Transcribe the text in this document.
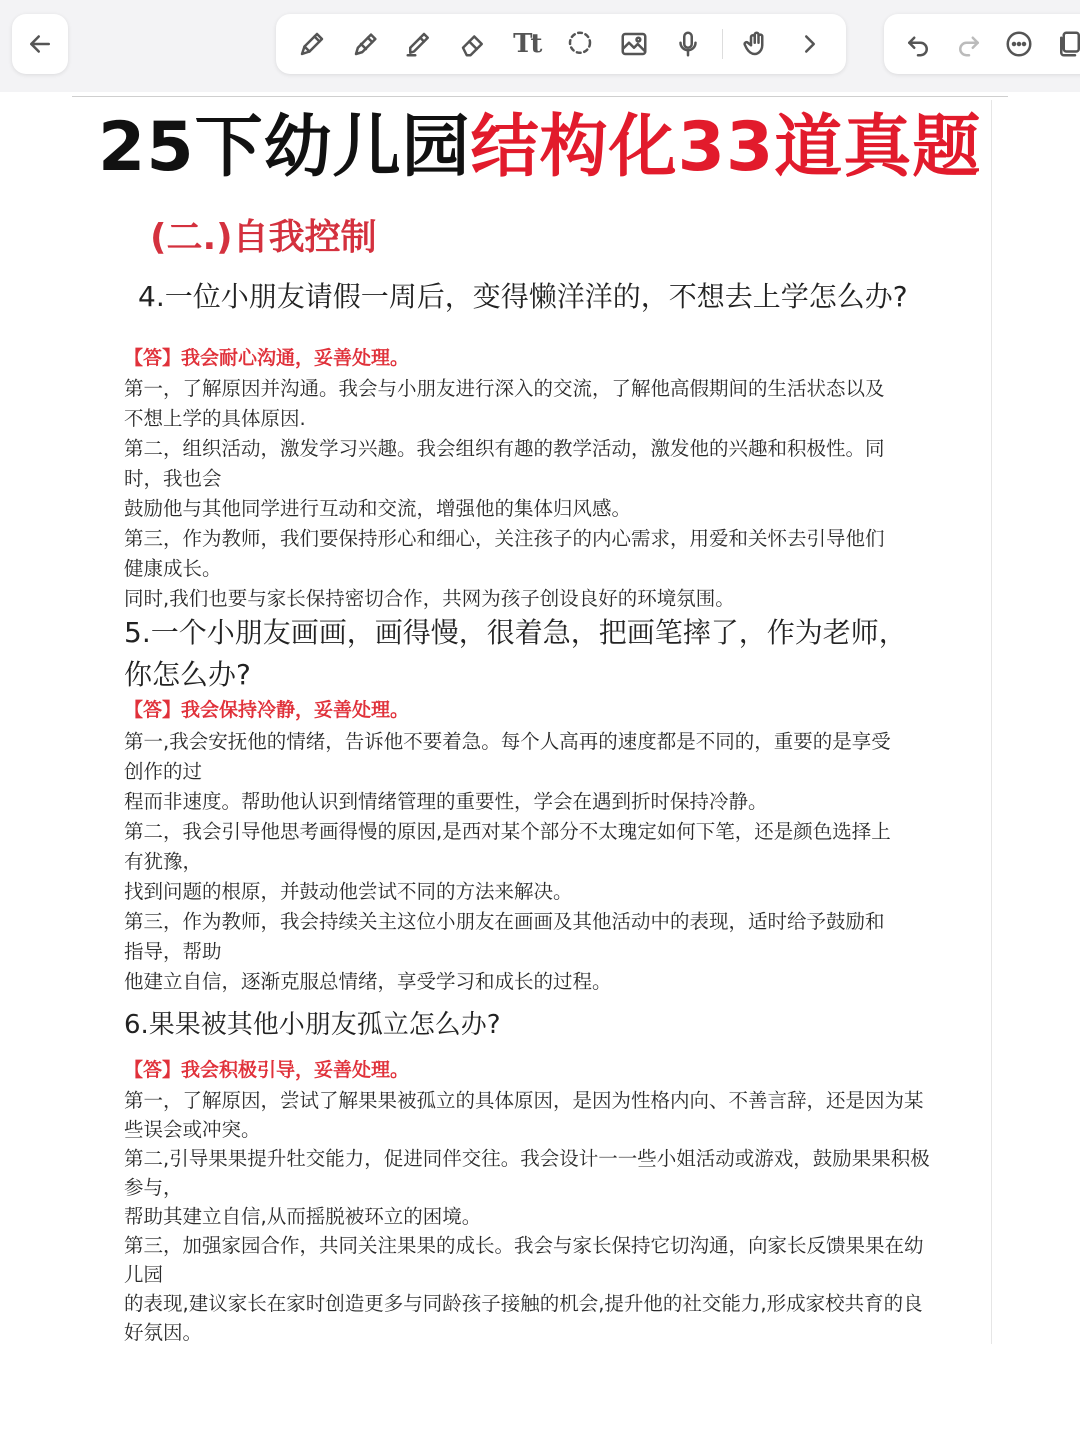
Tt
25下幼儿园结构化33道真题
(二.)自我控制
4.一位小朋友请假一周后，变得懒洋洋的，不想去上学怎么办?
【答】我会耐心沟通，妥善处理。
第一，了解原因并沟通。我会与小朋友进行深入的交流，了解他高假期间的生活状态以及
不想上学的具体原因.
第二，组织活动，激发学习兴趣。我会组织有趣的教学活动，激发他的兴趣和积极性。同
时，我也会
鼓励他与其他同学进行互动和交流，增强他的集体归风感。
第三，作为教师，我们要保持形心和细心，关注孩子的内心需求，用爱和关怀去引导他们
健康成长。
同时,我们也要与家长保持密切合作，共网为孩子创设良好的环境氛围。
5.一个小朋友画画，画得慢，很着急，把画笔摔了，作为老师，
你怎么办?
【答】我会保持冷静，妥善处理。
第一,我会安抚他的情绪，告诉他不要着急。每个人高再的速度都是不同的，重要的是享受
创作的过
程而非速度。帮助他认识到情绪管理的重要性，学会在遇到折时保持冷静。
第二，我会引导他思考画得慢的原因,是西对某个部分不太瑰定如何下笔，还是颜色选择上
有犹豫，
找到问题的根原，并鼓动他尝试不同的方法来解决。
第三，作为教师，我会持续关主这位小朋友在画画及其他活动中的表现，适时给予鼓励和
指导，帮助
他建立自信，逐渐克服总情绪，享受学习和成长的过程。
6.果果被其他小朋友孤立怎么办?
【答】我会积极引导，妥善处理。
第一，了解原因，尝试了解果果被孤立的具体原因，是因为性格内向、不善言辞，还是因为某
些误会或冲突。
第二,引导果果提升牡交能力，促进同伴交往。我会设计一一些小姐活动或游戏，鼓励果果积极
参与，
帮助其建立自信,从而摇脱被环立的困境。
第三，加强家园合作，共同关注果果的成长。我会与家长保持它切沟通，向家长反馈果果在幼
儿园
的表现,建议家长在家时创造更多与同龄孩子接触的机会,提升他的社交能力,形成家校共育的良
好氛因。
